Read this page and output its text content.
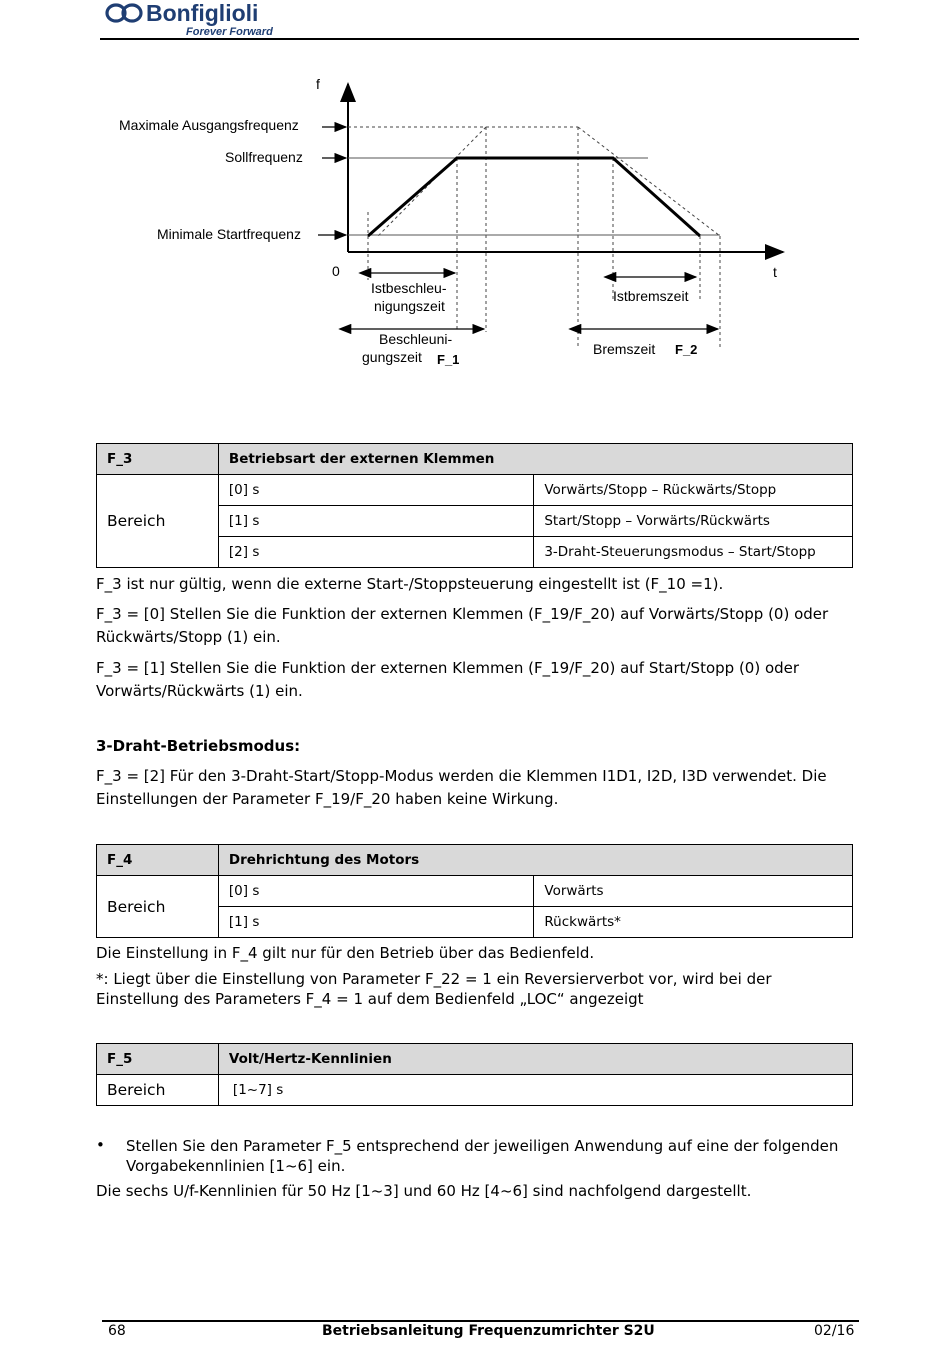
Bonfiglioli
Forever Forward
f
t
0
Maximale Ausgangsfrequenz
Sollfrequenz
Minimale Startfrequenz
Istbeschleu-
nigungszeit
Beschleuni-
gungszeit F_1
Istbremszeit
Bremszeit F_2
F_3	Betriebsart der externen Klemmen	
Bereich	[0] s	Vorwärts/Stopp – Rückwärts/Stopp
	[1] s	Start/Stopp – Vorwärts/Rückwärts
	[2] s	3-Draht-Steuerungsmodus – Start/Stopp
F_3 ist nur gültig, wenn die externe Start-/Stoppsteuerung eingestellt ist (F_10 =1).
F_3 = [0] Stellen Sie die Funktion der externen Klemmen (F_19/F_20) auf Vorwärts/Stopp (0) oder Rückwärts/Stopp (1) ein.
F_3 = [1] Stellen Sie die Funktion der externen Klemmen (F_19/F_20) auf Start/Stopp (0) oder Vorwärts/Rückwärts (1) ein.
3-Draht-Betriebsmodus:
F_3 = [2] Für den 3-Draht-Start/Stopp-Modus werden die Klemmen I1D1, I2D, I3D verwendet. Die Einstellungen der Parameter F_19/F_20 haben keine Wirkung.
F_4	Drehrichtung des Motors	
Bereich	[0] s	Vorwärts
	[1] s	Rückwärts*
Die Einstellung in F_4 gilt nur für den Betrieb über das Bedienfeld.
*: Liegt über die Einstellung von Parameter F_22 = 1 ein Reversierverbot vor, wird bei der Einstellung des Parameters F_4 = 1 auf dem Bedienfeld „LOC“ angezeigt
F_5	Volt/Hertz-Kennlinien
Bereich	[1~7] s
• Stellen Sie den Parameter F_5 entsprechend der jeweiligen Anwendung auf eine der folgenden Vorgabekennlinien [1~6] ein.
Die sechs U/f-Kennlinien für 50 Hz [1~3] und 60 Hz [4~6] sind nachfolgend dargestellt.
68	Betriebsanleitung Frequenzumrichter S2U	02/16
